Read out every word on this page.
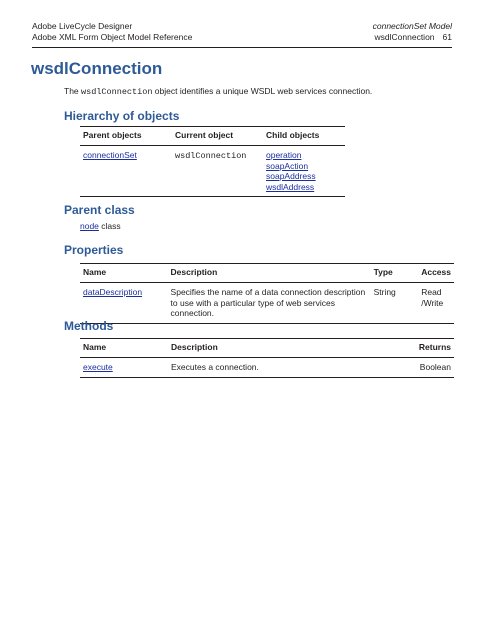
Adobe LiveCycle Designer	connectionSet Model
Adobe XML Form Object Model Reference	wsdlConnection 61
wsdlConnection
The wsdlConnection object identifies a unique WSDL web services connection.
Hierarchy of objects
Parent objects	Current object	Child objects
connectionSet	wsdlConnection	operation
soapAction
soapAddress
wsdlAddress
Parent class
node class
Properties
Name	Description	Type	Access
dataDescription	Specifies the name of a data connection description to use with a particular type of web services connection.	String	Read /Write
Methods
Name	Description	Returns
execute	Executes a connection.	Boolean
